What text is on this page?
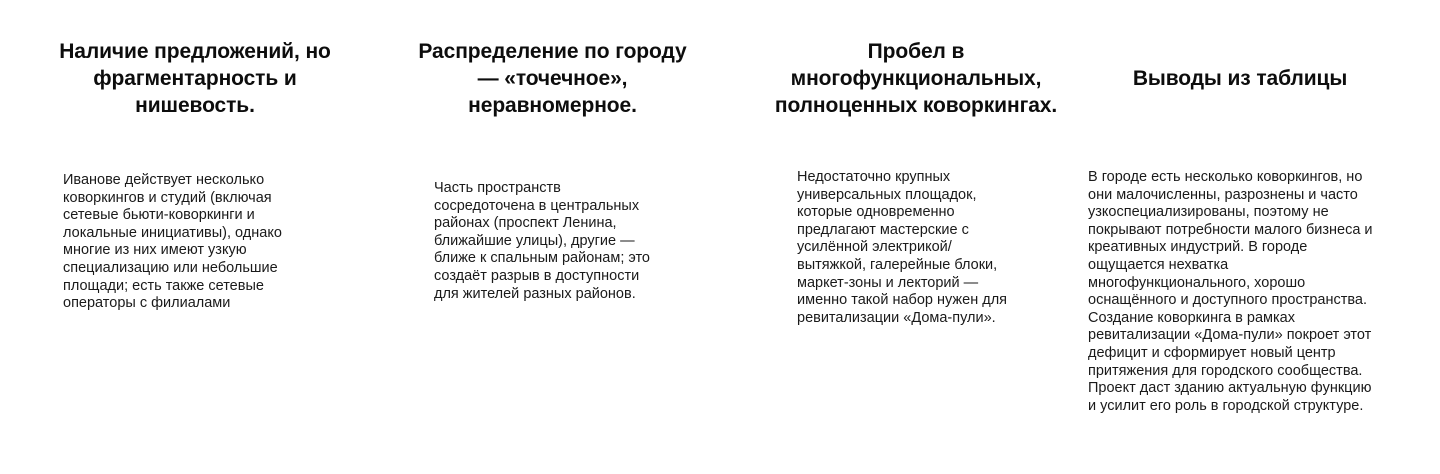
Наличие предложений, но
фрагментарность и
нишевость.
Распределение по городу
— «точечное»,
неравномерное.
Пробел в
многофункциональных,
полноценных коворкингах.
Выводы из таблицы

Иванове действует несколько
коворкингов и студий (включая
сетевые бьюти-коворкинги и
локальные инициативы), однако
многие из них имеют узкую
специализацию или небольшие
площади; есть также сетевые
операторы с филиалами

Часть пространств
сосредоточена в центральных
районах (проспект Ленина,
ближайшие улицы), другие —
ближе к спальным районам; это
создаёт разрыв в доступности
для жителей разных районов.

Недостаточно крупных
универсальных площадок,
которые одновременно
предлагают мастерские с
усилённой электрикой/
вытяжкой, галерейные блоки,
маркет-зоны и лекторий —
именно такой набор нужен для
ревитализации «Дома-пули».

В городе есть несколько коворкингов, но
они малочисленны, разрознены и часто
узкоспециализированы, поэтому не
покрывают потребности малого бизнеса и
креативных индустрий. В городе
ощущается нехватка
многофункционального, хорошо
оснащённого и доступного пространства.
Создание коворкинга в рамках
ревитализации «Дома-пули» покроет этот
дефицит и сформирует новый центр
притяжения для городского сообщества.
Проект даст зданию актуальную функцию
и усилит его роль в городской структуре.
